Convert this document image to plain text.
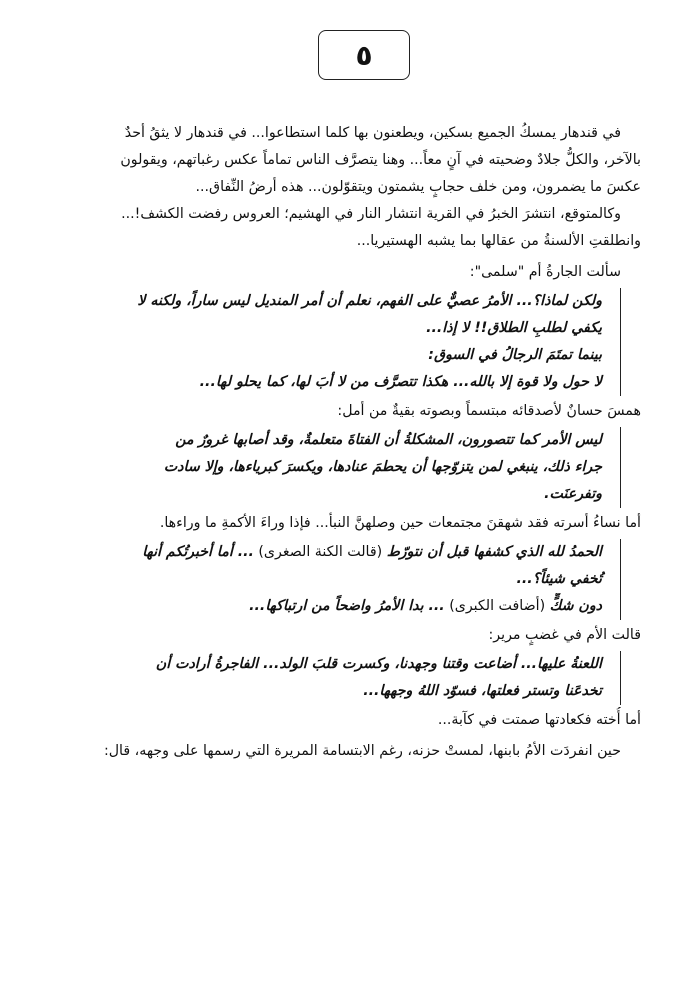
٥
في قندهار يمسكُ الجميع بسكين، ويطعنون بها كلما استطاعوا... في قندهار لا يثقُ أحدٌ
بالآخر، والكلُّ جلادٌ وضحيته في آنٍ معاً... وهنا يتصرَّف الناس تماماً عكس رغباتهم، ويقولون
عكسَ ما يضمرون، ومن خلف حجابٍ يشمتون ويتقوّلون... هذه أرضُ النِّفاق...
وكالمتوقع، انتشرَ الخبرُ في القرية انتشار النار في الهشيم؛ العروس رفضت الكشف!...
وانطلقتِ الألسنةُ من عقالها بما يشبه الهستيريا...
سألت الجارةُ أم "سلمى":
ولكن لماذا؟... الأمرُ عصيٌّ على الفهم، نعلم أن أمر المنديل ليس ساراً، ولكنه لا
يكفي لطلبِ الطلاق!! لا إذا...
بينما تمتَمَ الرجالُ في السوق:
لا حول ولا قوة إلا بالله... هكذا تتصرَّف من لا أبَ لها، كما يحلو لها...
همسَ حسانٌ لأصدقائه مبتسماً وبصوته بقيةٌ من أمل:
ليس الأمر كما تتصورون، المشكلةُ أن الفتاةَ متعلمةٌ، وقد أصابها غرورٌ من
جراء ذلك، ينبغي لمن يتزوّجها أن يحطمَ عنادها، ويكسرَ كبرياءها، وإلا سادت
وتفرعنَت.
أما نساءُ أسرته فقد شهقنَ مجتمعات حين وصلهنَّ النبأ... فإذا وراءَ الأكمةِ ما وراءها.
الحمدُ لله الذي كشفها قبل أن نتورّط (قالت الكنة الصغرى) ... أما أخبرتُكم أنها
تُخفي شيئاً؟...
دون شكٍّ (أضافت الكبرى) ... بدا الأمرُ واضحاً من ارتباكها...
قالت الأم في غضبٍ مرير:
اللعنةُ عليها... أضاعت وقتنا وجهدنا، وكسرت قلبَ الولد... الفاجرةُ أرادت أن
تخدعَنا وتستر فعلتها، فسوّد اللهُ وجهها...
أما أُخته فكعادتها صمتت في كآبة...
حين انفردَت الأمُ بابنها، لمستْ حزنه، رغم الابتسامة المريرة التي رسمها على وجهه، قال:
